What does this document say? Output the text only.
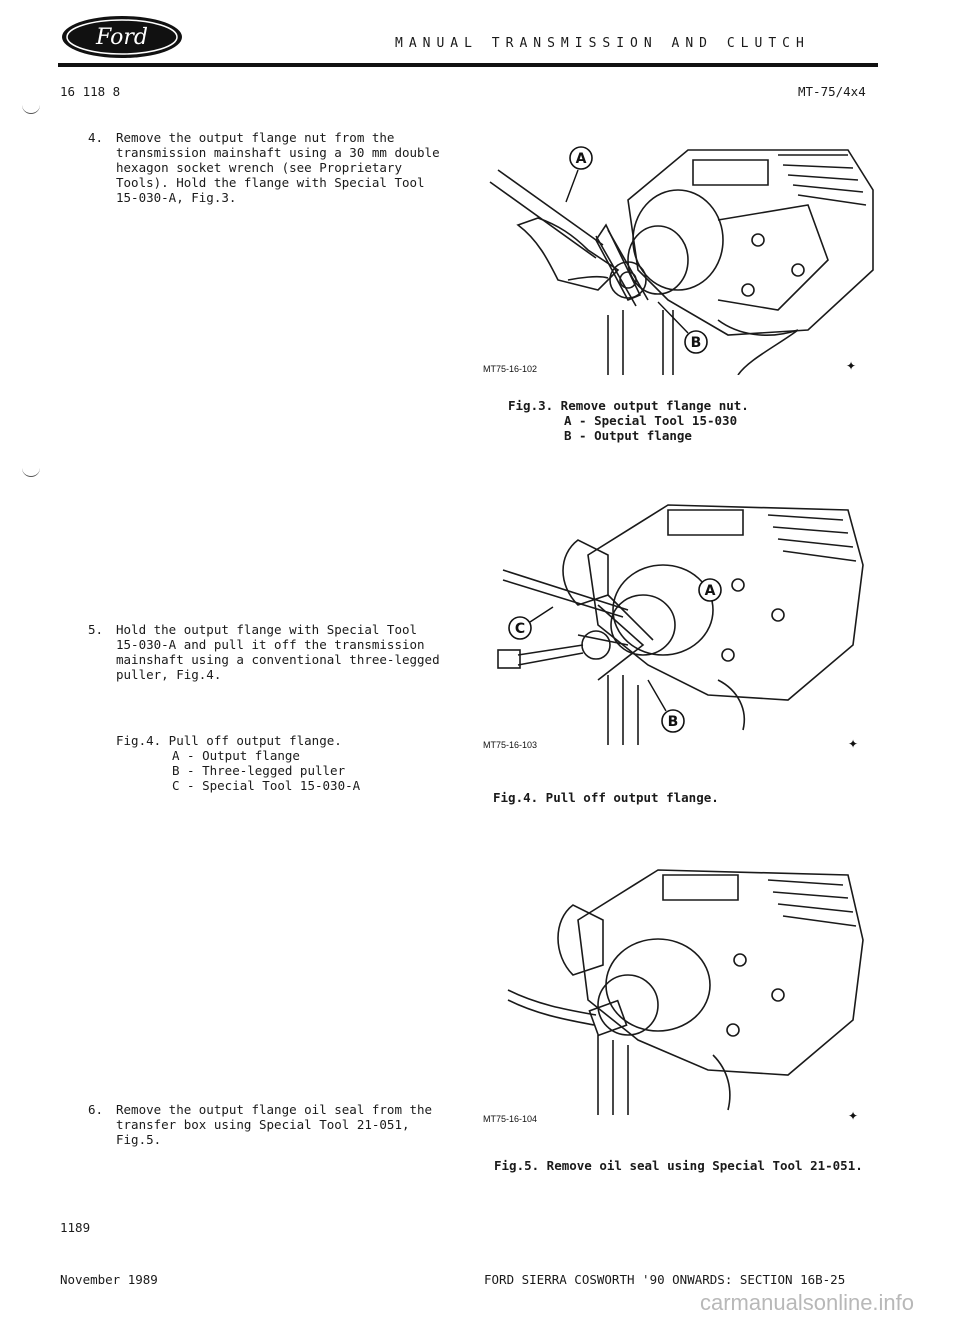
Ford	MANUAL TRANSMISSION AND CLUTCH
16 118 8	MT-75/4x4
4. Remove the output flange nut from the
transmission mainshaft using a 30 mm double
hexagon socket wrench (see Proprietary
Tools). Hold the flange with Special Tool
15-030-A, Fig.3.
5. Hold the output flange with Special Tool
15-030-A and pull it off the transmission
mainshaft using a conventional three-legged
puller, Fig.4.
Fig.4. Pull off output flange.
A - Output flange
B - Three-legged puller
C - Special Tool 15-030-A
6. Remove the output flange oil seal from the
transfer box using Special Tool 21-051,
Fig.5.
A
B
MT75-16-102	✦
Fig.3. Remove output flange nut.
A - Special Tool 15-030
B - Output flange
A
B
C
MT75-16-103	✦
Fig.4. Pull off output flange.
MT75-16-104	✦
Fig.5. Remove oil seal using Special Tool 21-051.
1189
November 1989	FORD SIERRA COSWORTH '90 ONWARDS: SECTION 16B-25
carmanualsonline.info
